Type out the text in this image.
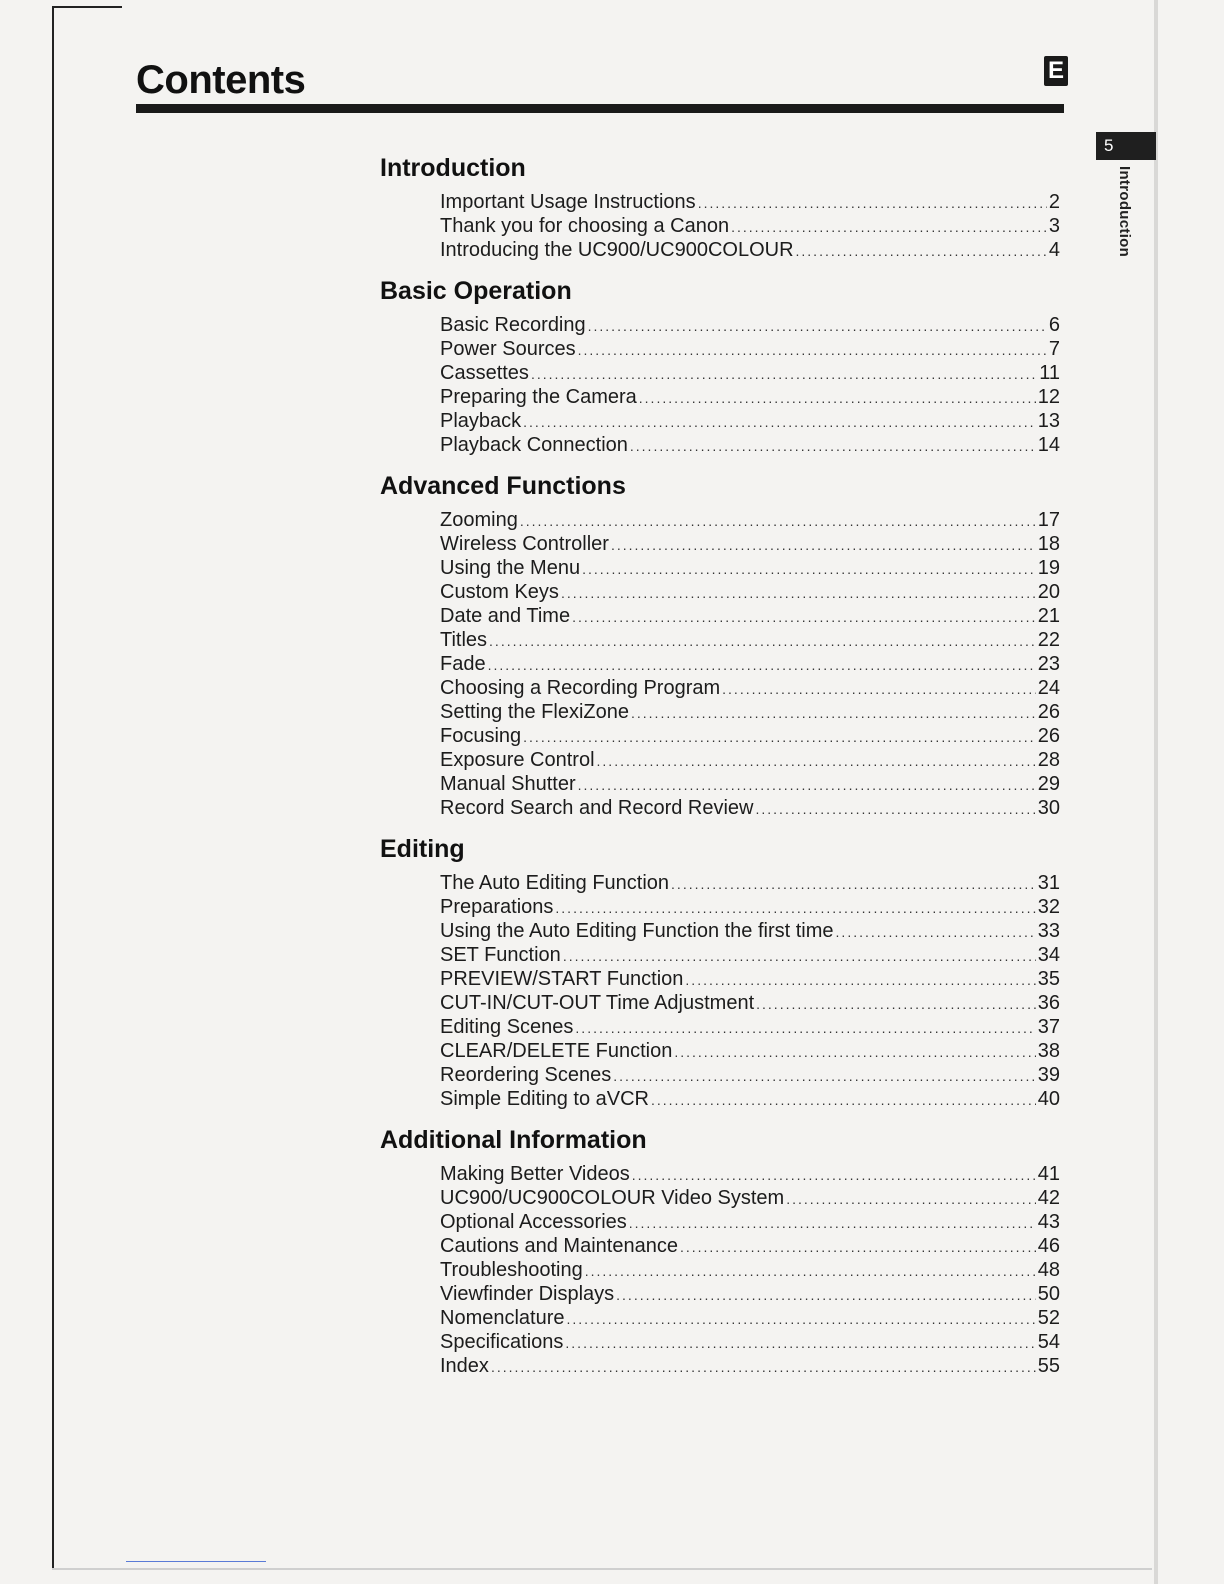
Contents	E
5
Introduction
Introduction
Important Usage Instructions .....	2
Thank you for choosing a Canon .....	3
Introducing the UC900/UC900COLOUR .....	4
Basic Operation
Basic Recording .....	6
Power Sources .....	7
Cassettes .....	11
Preparing the Camera .....	12
Playback .....	13
Playback Connection .....	14
Advanced Functions
Zooming .....	17
Wireless Controller .....	18
Using the Menu .....	19
Custom Keys .....	20
Date and Time .....	21
Titles .....	22
Fade .....	23
Choosing a Recording Program .....	24
Setting the FlexiZone .....	26
Focusing .....	26
Exposure Control .....	28
Manual Shutter .....	29
Record Search and Record Review .....	30
Editing
The Auto Editing Function .....	31
Preparations .....	32
Using the Auto Editing Function the first time .....	33
SET Function .....	34
PREVIEW/START Function .....	35
CUT-IN/CUT-OUT Time Adjustment .....	36
Editing Scenes .....	37
CLEAR/DELETE Function .....	38
Reordering Scenes .....	39
Simple Editing to aVCR .....	40
Additional Information
Making Better Videos .....	41
UC900/UC900COLOUR Video System .....	42
Optional Accessories .....	43
Cautions and Maintenance .....	46
Troubleshooting .....	48
Viewfinder Displays .....	50
Nomenclature .....	52
Specifications .....	54
Index .....	55
